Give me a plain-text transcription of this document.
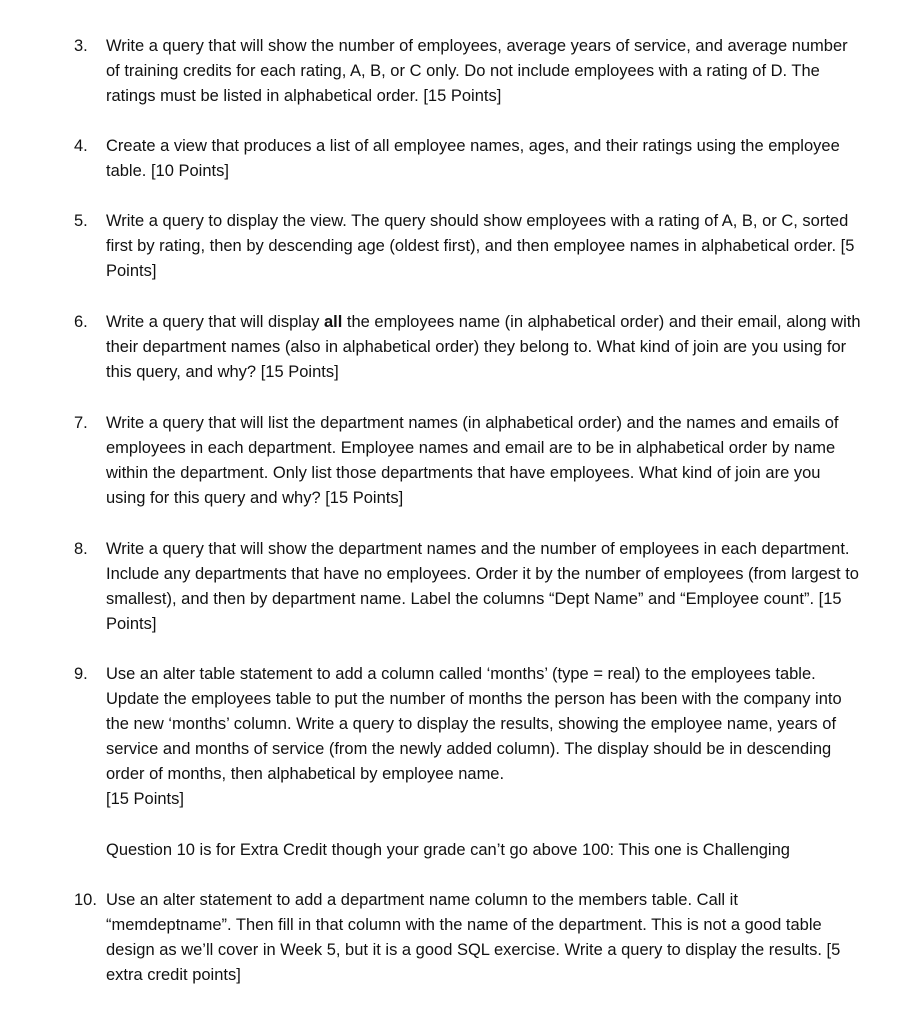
3.	Write a query that will show the number of employees, average years of service, and average number of training credits for each rating, A, B, or C only. Do not include employees with a rating of D. The ratings must be listed in alphabetical order. [15 Points]
4.	Create a view that produces a list of all employee names, ages, and their ratings using the employee table. [10 Points]
5.	Write a query to display the view. The query should show employees with a rating of A, B, or C, sorted first by rating, then by descending age (oldest first), and then employee names in alphabetical order. [5 Points]
6.	Write a query that will display all the employees name (in alphabetical order) and their email, along with their department names (also in alphabetical order) they belong to. What kind of join are you using for this query, and why? [15 Points]
7.	Write a query that will list the department names (in alphabetical order) and the names and emails of employees in each department. Employee names and email are to be in alphabetical order by name within the department. Only list those departments that have employees. What kind of join are you using for this query and why? [15 Points]
8.	Write a query that will show the department names and the number of employees in each department. Include any departments that have no employees. Order it by the number of employees (from largest to smallest), and then by department name. Label the columns “Dept Name” and “Employee count”. [15 Points]
9.	Use an alter table statement to add a column called ‘months’ (type = real) to the employees table. Update the employees table to put the number of months the person has been with the company into the new ‘months’ column. Write a query to display the results, showing the employee name, years of service and months of service (from the newly added column). The display should be in descending order of months, then alphabetical by employee name.
[15 Points]
Question 10 is for Extra Credit though your grade can’t go above 100: This one is Challenging
10. Use an alter statement to add a department name column to the members table. Call it “memdeptname”. Then fill in that column with the name of the department. This is not a good table design as we’ll cover in Week 5, but it is a good SQL exercise. Write a query to display the results. [5 extra credit points]
